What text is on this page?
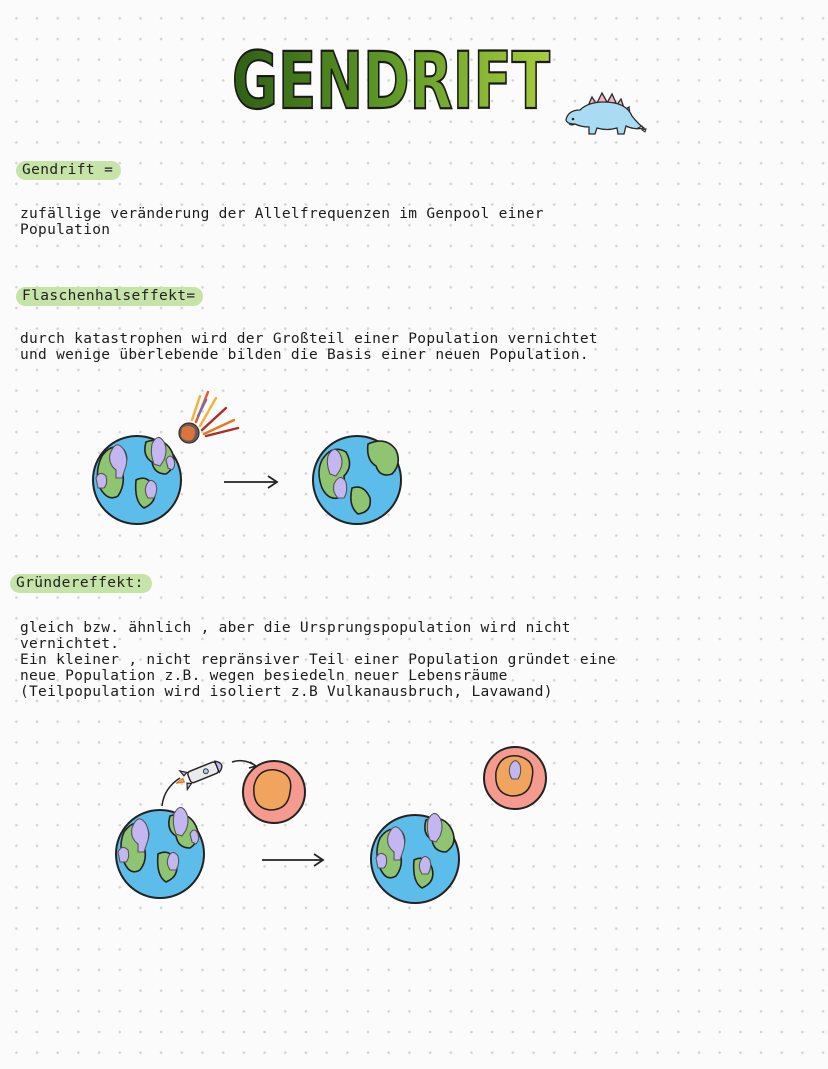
GENDRIFT
Gendrift =

zufällige veränderung der Allelfrequenzen im Genpool einer
Population

Flaschenhalseffekt=

durch katastrophen wird der Großteil einer Population vernichtet
und wenige überlebende bilden die Basis einer neuen Population.

Gründereffekt:

gleich bzw. ähnlich , aber die Ursprungspopulation wird nicht
vernichtet.
Ein kleiner , nicht repränsiver Teil einer Population gründet eine
neue Population z.B. wegen besiedeln neuer Lebensräume
(Teilpopulation wird isoliert z.B Vulkanausbruch, Lavawand)
